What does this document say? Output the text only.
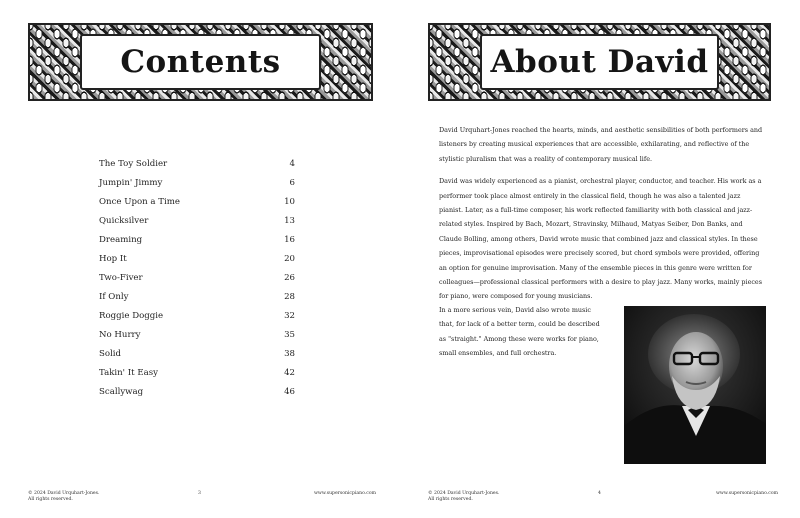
Contents
The Toy Soldier	4
Jumpin' Jimmy	6
Once Upon a Time	10
Quicksilver	13
Dreaming	16
Hop It	20
Two-Fiver	26
If Only	28
Roggie Doggie	32
No Hurry	35
Solid	38
Takin' It Easy	42
Scallywag	46
© 2024 David Urquhart-Jones.
All rights reserved.
3	www.supersonicpiano.com
About David

David Urquhart-Jones reached the hearts, minds, and aesthetic sensibilities of both performers and listeners by creating musical experiences that are accessible, exhilarating, and reflective of the stylistic pluralism that was a reality of contemporary musical life.

David was widely experienced as a pianist, orchestral player, conductor, and teacher. His work as a performer took place almost entirely in the classical field, though he was also a talented jazz pianist. Later, as a full-time composer, his work reflected familiarity with both classical and jazz-related styles. Inspired by Bach, Mozart, Stravinsky, Milhaud, Matyas Seiber, Don Banks, and Claude Bolling, among others, David wrote music that combined jazz and classical styles. In these pieces, improvisational episodes were precisely scored, but chord symbols were provided, offering an option for genuine improvisation. Many of the ensemble pieces in this genre were written for colleagues—professional classical performers with a desire to play jazz. Many works, mainly pieces for piano, were composed for young musicians.

In a more serious vein, David also wrote music that, for lack of a better term, could be described as "straight." Among these were works for piano, small ensembles, and full orchestra.

© 2024 David Urquhart-Jones.
All rights reserved.
4	www.supersonicpiano.com
